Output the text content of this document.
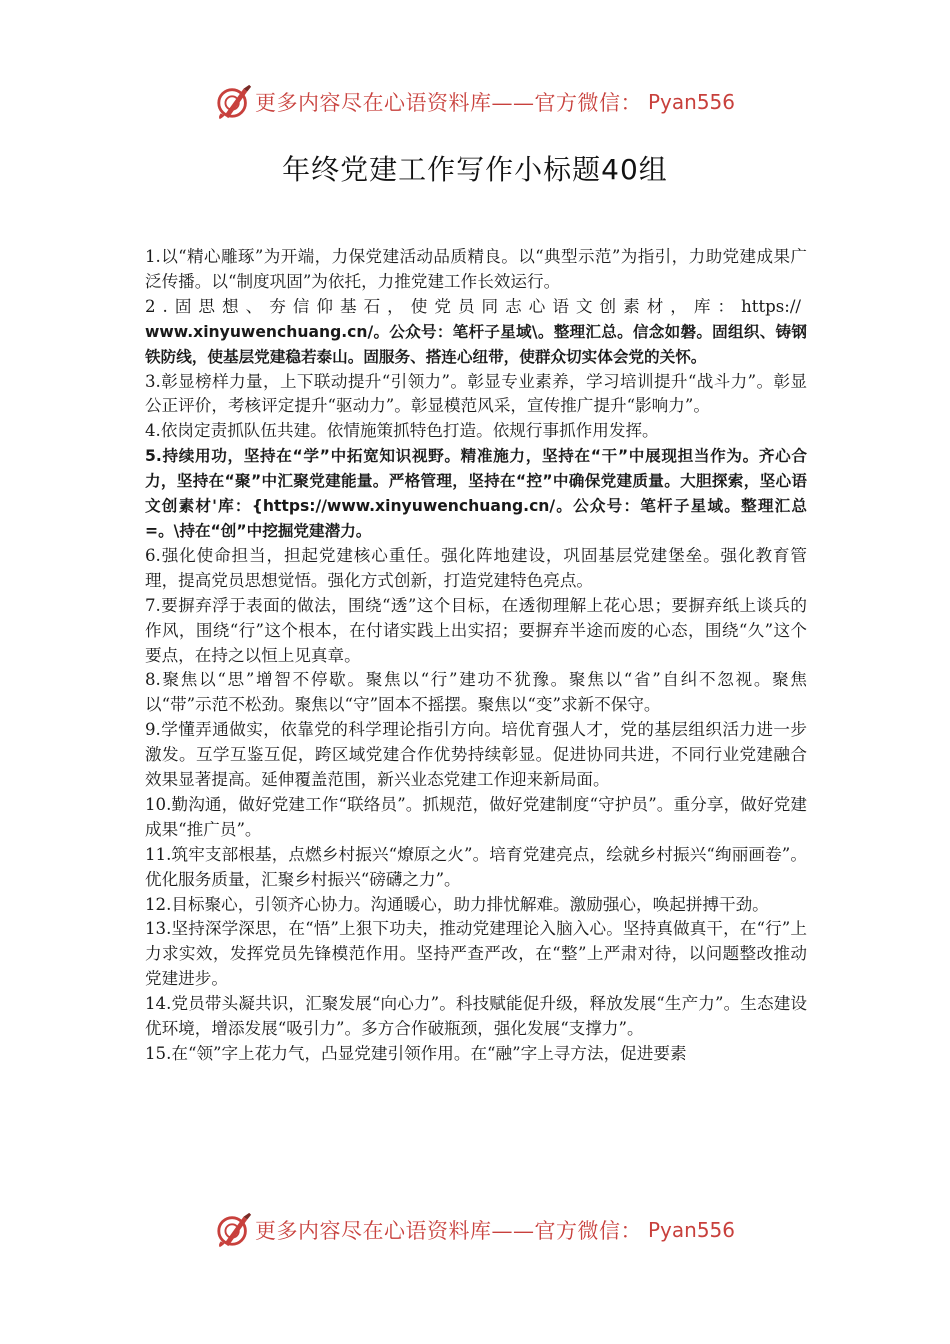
更多内容尽在心语资料库——官方微信： Pyan556
年终党建工作写作小标题40组

1.以“精心雕琢”为开端，力保党建活动品质精良。以“典型示范”为指引，力助党建成果广泛传播。以“制度巩固”为依托，力推党建工作长效运行。

2.固思想、夯信仰基石，使党员同志心语文创素材，库：https://

www.xinyuwenchuang.cn/。公众号：笔杆子星域\。整理汇总。信念如磐。固组织、铸钢铁防线，使基层党建稳若泰山。固服务、搭连心纽带，使群众切实体会党的关怀。

3.彰显榜样力量，上下联动提升“引领力”。彰显专业素养，学习培训提升“战斗力”。彰显公正评价，考核评定提升“驱动力”。彰显模范风采，宣传推广提升“影响力”。

4.依岗定责抓队伍共建。依情施策抓特色打造。依规行事抓作用发挥。

5.持续用功，坚持在“学”中拓宽知识视野。精准施力，坚持在“干”中展现担当作为。齐心合力，坚持在“聚”中汇聚党建能量。严格管理，坚持在“控”中确保党建质量。大胆探索，坚心语文创素材'库：{https://www.xinyuwenchuang.cn/。公众号：笔杆子星域。整理汇总=。\持在“创”中挖掘党建潜力。

6.强化使命担当，担起党建核心重任。强化阵地建设，巩固基层党建堡垒。强化教育管理，提高党员思想觉悟。强化方式创新，打造党建特色亮点。

7.要摒弃浮于表面的做法，围绕“透”这个目标，在透彻理解上花心思；要摒弃纸上谈兵的作风，围绕“行”这个根本，在付诸实践上出实招；要摒弃半途而废的心态，围绕“久”这个要点，在持之以恒上见真章。

8.聚焦以“思”增智不停歇。聚焦以“行”建功不犹豫。聚焦以“省”自纠不忽视。聚焦以“带”示范不松劲。聚焦以“守”固本不摇摆。聚焦以“变”求新不保守。

9.学懂弄通做实，依靠党的科学理论指引方向。培优育强人才，党的基层组织活力进一步激发。互学互鉴互促，跨区域党建合作优势持续彰显。促进协同共进，不同行业党建融合效果显著提高。延伸覆盖范围，新兴业态党建工作迎来新局面。

10.勤沟通，做好党建工作“联络员”。抓规范，做好党建制度“守护员”。重分享，做好党建成果“推广员”。

11.筑牢支部根基，点燃乡村振兴“燎原之火”。培育党建亮点，绘就乡村振兴“绚丽画卷”。优化服务质量，汇聚乡村振兴“磅礴之力”。

12.目标聚心，引领齐心协力。沟通暖心，助力排忧解难。激励强心，唤起拼搏干劲。

13.坚持深学深思，在“悟”上狠下功夫，推动党建理论入脑入心。坚持真做真干，在“行”上力求实效，发挥党员先锋模范作用。坚持严查严改，在“整”上严肃对待，以问题整改推动党建进步。

14.党员带头凝共识，汇聚发展“向心力”。科技赋能促升级，释放发展“生产力”。生态建设优环境，增添发展“吸引力”。多方合作破瓶颈，强化发展“支撑力”。

15.在“领”字上花力气，凸显党建引领作用。在“融”字上寻方法，促进要素

更多内容尽在心语资料库——官方微信： Pyan556
